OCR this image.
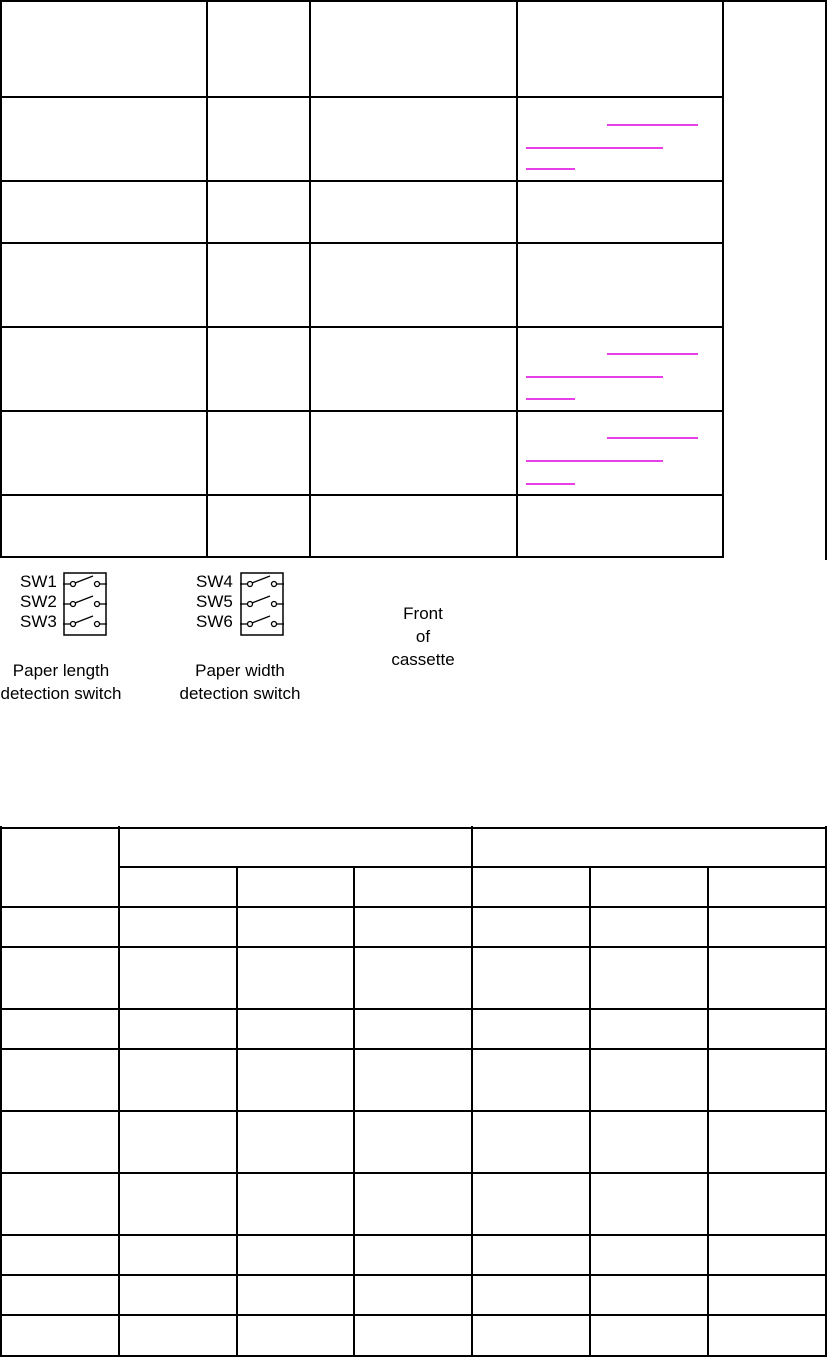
SW1
SW2
SW3
SW4
SW5
SW6	Front
of
cassette
Paper length
detection switch
Paper width
detection switch
